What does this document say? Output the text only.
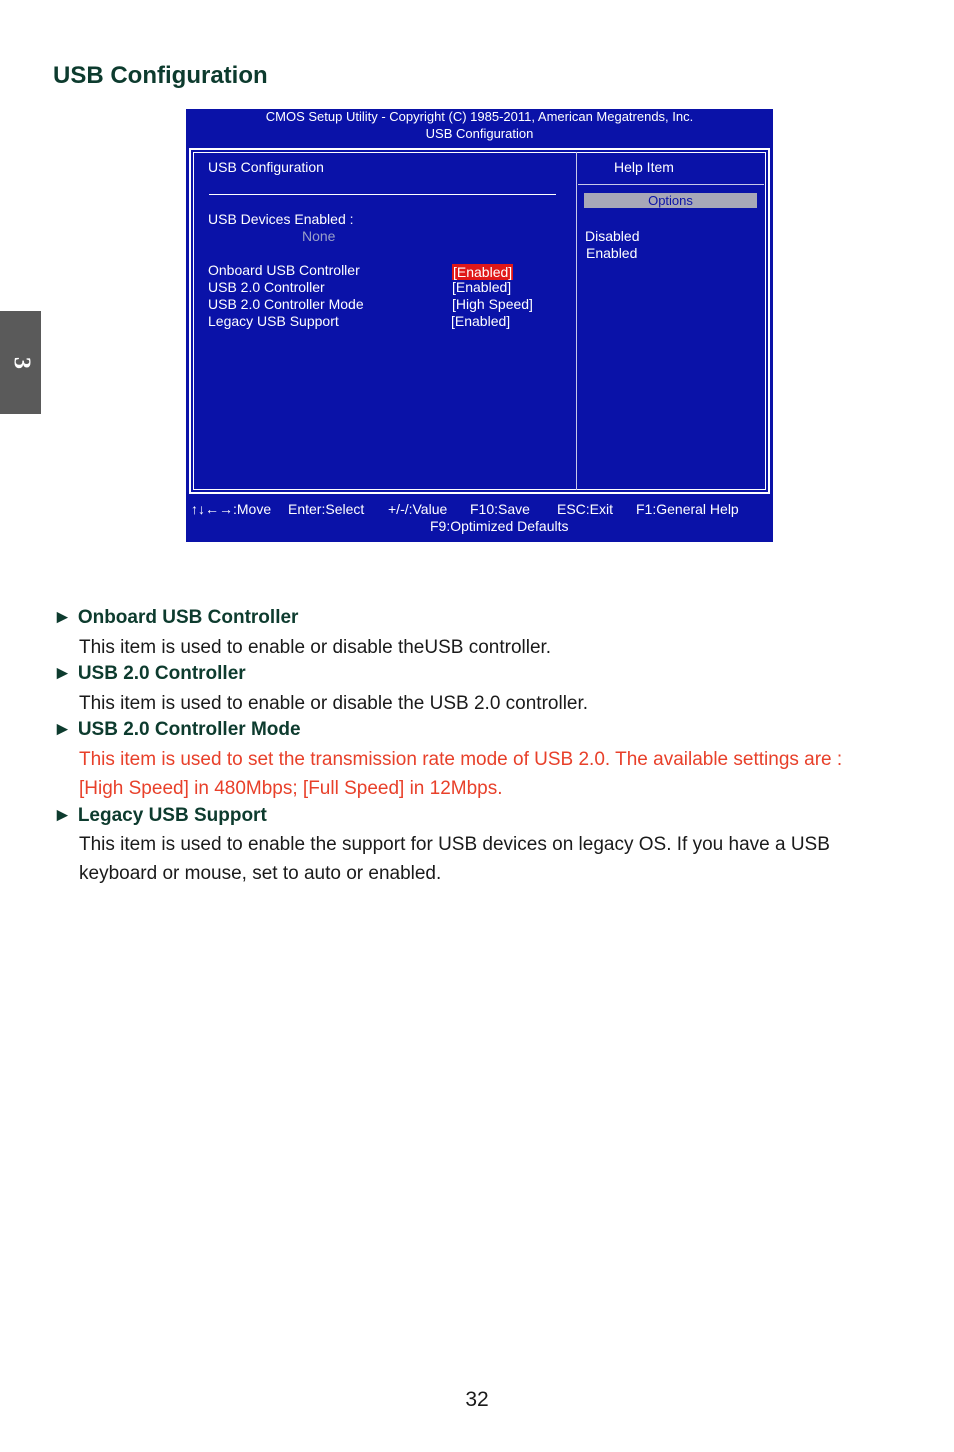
USB Configuration
3
CMOS Setup Utility - Copyright (C) 1985-2011, American Megatrends, Inc.
USB Configuration
USB Configuration
USB Devices Enabled :
None
Onboard USB Controller	[Enabled]
USB 2.0 Controller	[Enabled]
USB 2.0 Controller Mode	[High Speed]
Legacy USB Support	[Enabled]
Help Item
Options
Disabled
Enabled
↑↓←→:Move Enter:Select +/-/:Value F10:Save ESC:Exit F1:General Help
F9:Optimized Defaults
► Onboard USB Controller

This item is used to enable or disable theUSB controller.

► USB 2.0 Controller

This item is used to enable or disable the USB 2.0 controller.

► USB 2.0 Controller Mode

This item is used to set the transmission rate mode of USB 2.0. The available settings are : [High Speed] in 480Mbps; [Full Speed] in 12Mbps.

► Legacy USB Support

This item is used to enable the support for USB devices on legacy OS. If you have a USB keyboard or mouse, set to auto or enabled.

32
